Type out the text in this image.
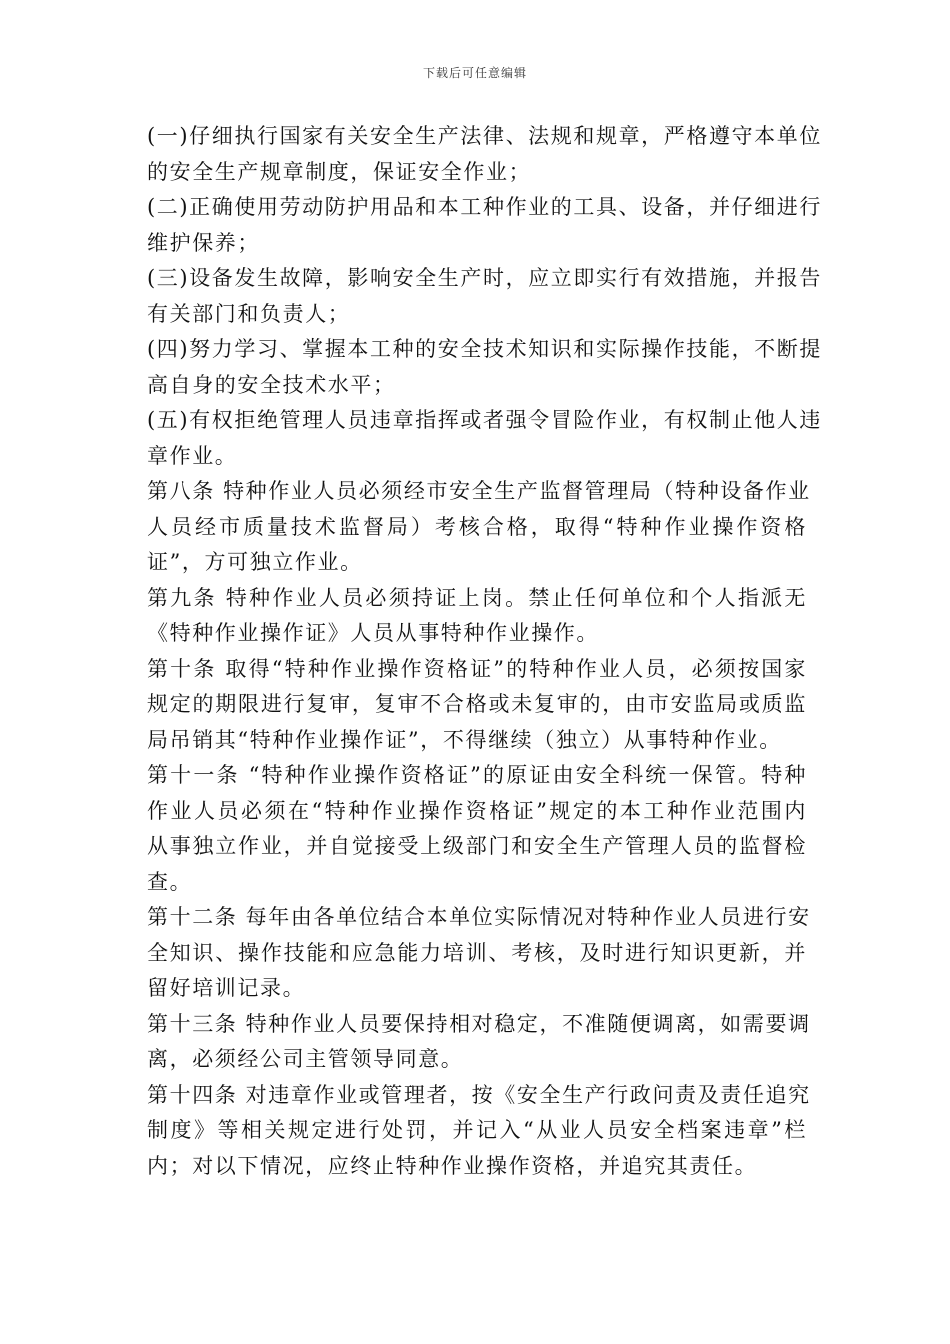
下载后可任意编辑
(一)仔细执行国家有关安全生产法律、法规和规章，严格遵守本单位
的安全生产规章制度，保证安全作业；
(二)正确使用劳动防护用品和本工种作业的工具、设备，并仔细进行
维护保养；
(三)设备发生故障，影响安全生产时，应立即实行有效措施，并报告
有关部门和负责人；
(四)努力学习、掌握本工种的安全技术知识和实际操作技能，不断提
高自身的安全技术水平；
(五)有权拒绝管理人员违章指挥或者强令冒险作业，有权制止他人违
章作业。
第八条 特种作业人员必须经市安全生产监督管理局（特种设备作业
人员经市质量技术监督局）考核合格，取得“特种作业操作资格
证”，方可独立作业。
第九条 特种作业人员必须持证上岗。禁止任何单位和个人指派无
《特种作业操作证》人员从事特种作业操作。
第十条 取得“特种作业操作资格证”的特种作业人员，必须按国家
规定的期限进行复审，复审不合格或未复审的，由市安监局或质监
局吊销其“特种作业操作证”，不得继续（独立）从事特种作业。
第十一条 “特种作业操作资格证”的原证由安全科统一保管。特种
作业人员必须在“特种作业操作资格证”规定的本工种作业范围内
从事独立作业，并自觉接受上级部门和安全生产管理人员的监督检
查。
第十二条 每年由各单位结合本单位实际情况对特种作业人员进行安
全知识、操作技能和应急能力培训、考核，及时进行知识更新，并
留好培训记录。
第十三条 特种作业人员要保持相对稳定，不准随便调离，如需要调
离，必须经公司主管领导同意。
第十四条 对违章作业或管理者，按《安全生产行政问责及责任追究
制度》等相关规定进行处罚，并记入“从业人员安全档案违章”栏
内；对以下情况，应终止特种作业操作资格，并追究其责任。
